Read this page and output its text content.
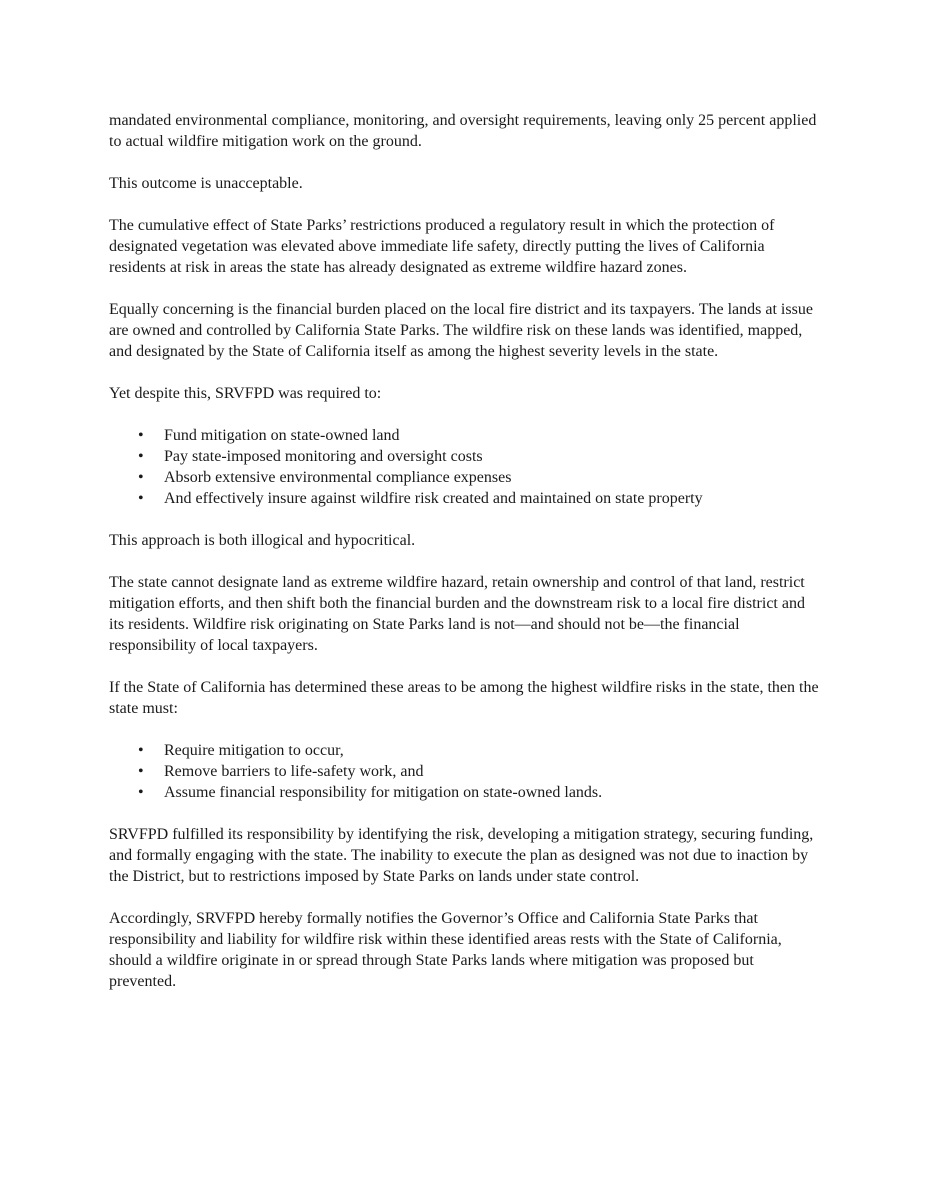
mandated environmental compliance, monitoring, and oversight requirements, leaving only 25 percent applied to actual wildfire mitigation work on the ground.

This outcome is unacceptable.

The cumulative effect of State Parks’ restrictions produced a regulatory result in which the protection of designated vegetation was elevated above immediate life safety, directly putting the lives of California residents at risk in areas the state has already designated as extreme wildfire hazard zones.

Equally concerning is the financial burden placed on the local fire district and its taxpayers. The lands at issue are owned and controlled by California State Parks. The wildfire risk on these lands was identified, mapped, and designated by the State of California itself as among the highest severity levels in the state.

Yet despite this, SRVFPD was required to:

• Fund mitigation on state-owned land
• Pay state-imposed monitoring and oversight costs
• Absorb extensive environmental compliance expenses
• And effectively insure against wildfire risk created and maintained on state property

This approach is both illogical and hypocritical.

The state cannot designate land as extreme wildfire hazard, retain ownership and control of that land, restrict mitigation efforts, and then shift both the financial burden and the downstream risk to a local fire district and its residents. Wildfire risk originating on State Parks land is not—and should not be—the financial responsibility of local taxpayers.

If the State of California has determined these areas to be among the highest wildfire risks in the state, then the state must:

• Require mitigation to occur,
• Remove barriers to life-safety work, and
• Assume financial responsibility for mitigation on state-owned lands.

SRVFPD fulfilled its responsibility by identifying the risk, developing a mitigation strategy, securing funding, and formally engaging with the state. The inability to execute the plan as designed was not due to inaction by the District, but to restrictions imposed by State Parks on lands under state control.

Accordingly, SRVFPD hereby formally notifies the Governor’s Office and California State Parks that responsibility and liability for wildfire risk within these identified areas rests with the State of California, should a wildfire originate in or spread through State Parks lands where mitigation was proposed but prevented.
